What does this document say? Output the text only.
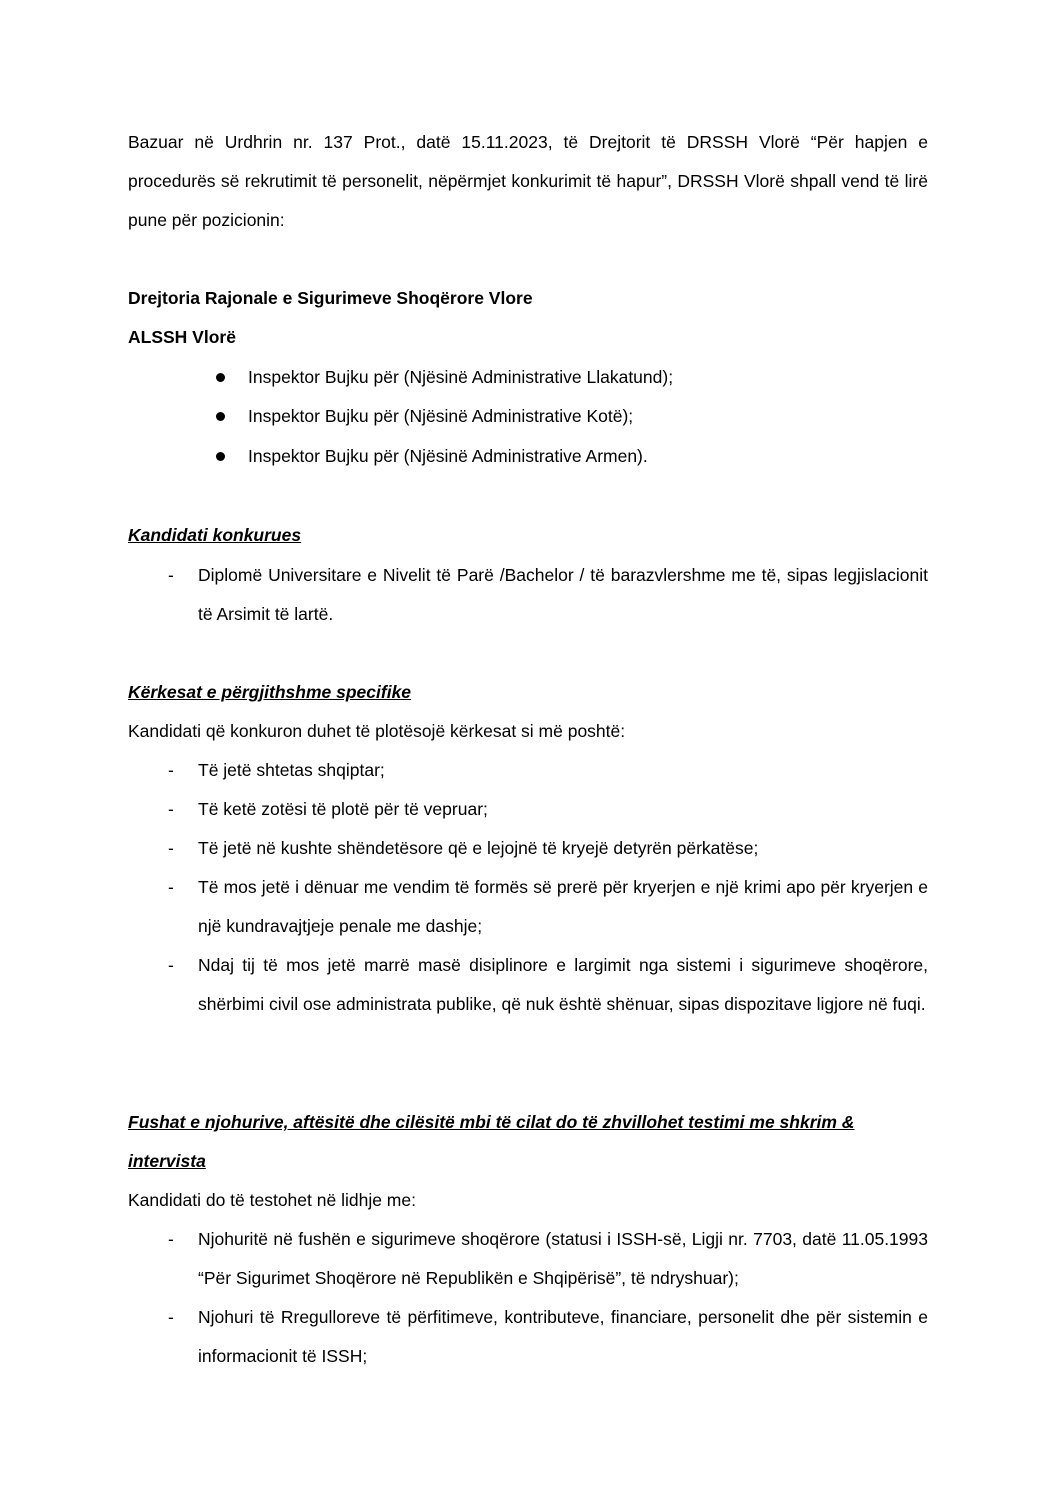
Bazuar në Urdhrin nr. 137 Prot., datë 15.11.2023, të Drejtorit të DRSSH Vlorë “Për hapjen e procedurës së rekrutimit të personelit, nëpërmjet konkurimit të hapur”, DRSSH Vlorë shpall vend të lirë pune për pozicionin:

Drejtoria Rajonale e Sigurimeve Shoqërore Vlore
ALSSH Vlorë
Inspektor Bujku për (Njësinë Administrative Llakatund);
Inspektor Bujku për (Njësinë Administrative Kotë);
Inspektor Bujku për (Njësinë Administrative Armen).
Kandidati konkurues
- Diplomë Universitare e Nivelit të Parë /Bachelor / të barazvlershme me të, sipas legjislacionit të Arsimit të lartë.
Kërkesat e përgjithshme specifike
Kandidati që konkuron duhet të plotësojë kërkesat si më poshtë:
- Të jetë shtetas shqiptar;
- Të ketë zotësi të plotë për të vepruar;
- Të jetë në kushte shëndetësore që e lejojnë të kryejë detyrën përkatëse;
- Të mos jetë i dënuar me vendim të formës së prerë për kryerjen e një krimi apo për kryerjen e një kundravajtjeje penale me dashje;
- Ndaj tij të mos jetë marrë masë disiplinore e largimit nga sistemi i sigurimeve shoqërore, shërbimi civil ose administrata publike, që nuk është shënuar, sipas dispozitave ligjore në fuqi.
Fushat e njohurive, aftësitë dhe cilësitë mbi të cilat do të zhvillohet testimi me shkrim & intervista
Kandidati do të testohet në lidhje me:
- Njohuritë në fushën e sigurimeve shoqërore (statusi i ISSH-së, Ligji nr. 7703, datë 11.05.1993 “Për Sigurimet Shoqërore në Republikën e Shqipërisë”, të ndryshuar);
- Njohuri të Rregulloreve të përfitimeve, kontributeve, financiare, personelit dhe për sistemin e informacionit të ISSH;
